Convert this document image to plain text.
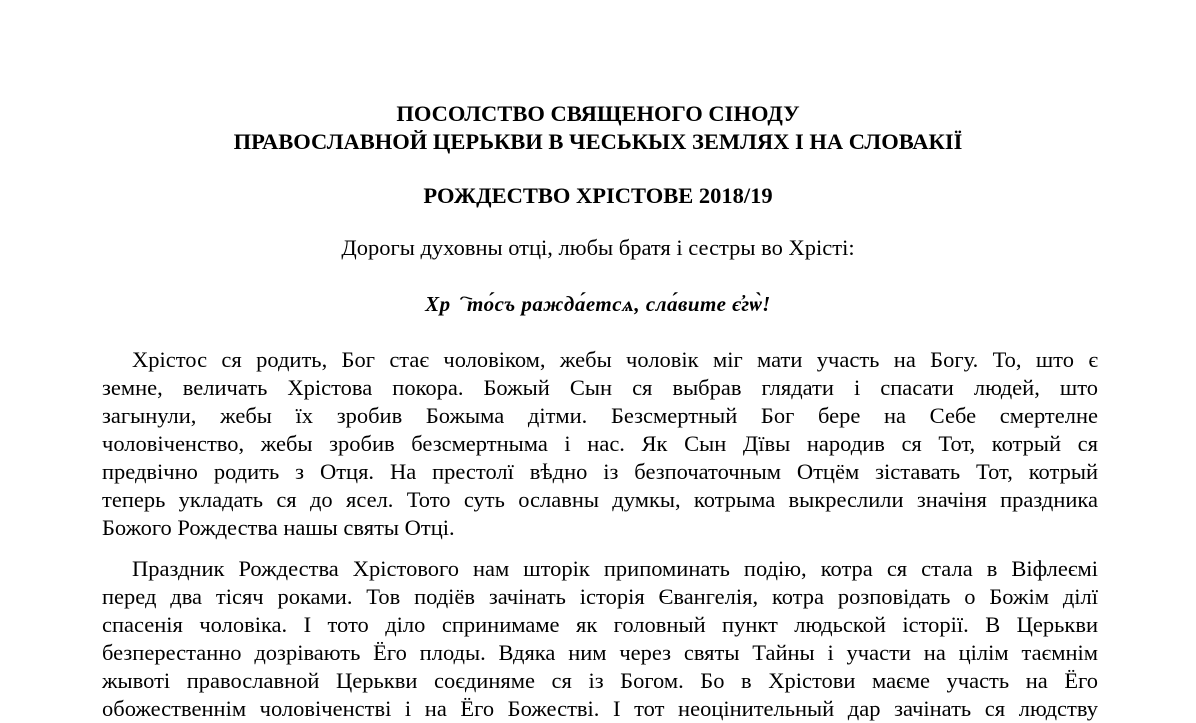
ПОСОЛСТВО СВЯЩЕНОГО СІНОДУ
ПРАВОСЛАВНОЙ ЦЕРЬКВИ В ЧЕСЬКЫХ ЗЕМЛЯХ І НА СЛОВАКІЇ
РОЖДЕСТВО ХРІСТОВЕ 2018/19

Дорогы духовны отці, любы братя і сестры во Хрісті:

Хрⷭ҇то́съ ражда́етсѧ, сла́вите є҆гѡ̀!

Хрістос ся родить, Бог стає чоловіком, жебы чоловік міг мати участь на Богу. То, што є
земне, величать Хрістова покора. Божый Сын ся выбрав глядати і спасати людей, што
загынули, жебы їх зробив Божыма дітми. Безсмертный Бог бере на Себе смертелне
чоловіченство, жебы зробив безсмертныма і нас. Як Сын Дївы народив ся Тот, котрый ся
предвічно родить з Отця. На престолї вѣдно із безпочаточным Отцём зіставать Тот, котрый
теперь укладать ся до ясел. Тото суть ославны думкы, котрыма выкреслили значіня праздника
Божого Рождества нашы святы Отці.
Праздник Рождества Хрістового нам шторік припоминать подію, котра ся стала в Віфлеємі
перед два тісяч роками. Тов подіёв зачінать історія Євангелія, котра розповідать о Божім ділї
спасенія чоловіка. І тото діло спринимаме як головный пункт людьской історії. В Церькви
безперестанно дозрівають Ёго плоды. Вдяка ним через святы Тайны і участи на цілім таємнім
жывоті православной Церькви соєдиняме ся із Богом. Бо в Хрістови маєме участь на Ёго
обожественнім чоловіченстві і на Ёго Божестві. І тот неоцінительный дар зачінать ся людству
